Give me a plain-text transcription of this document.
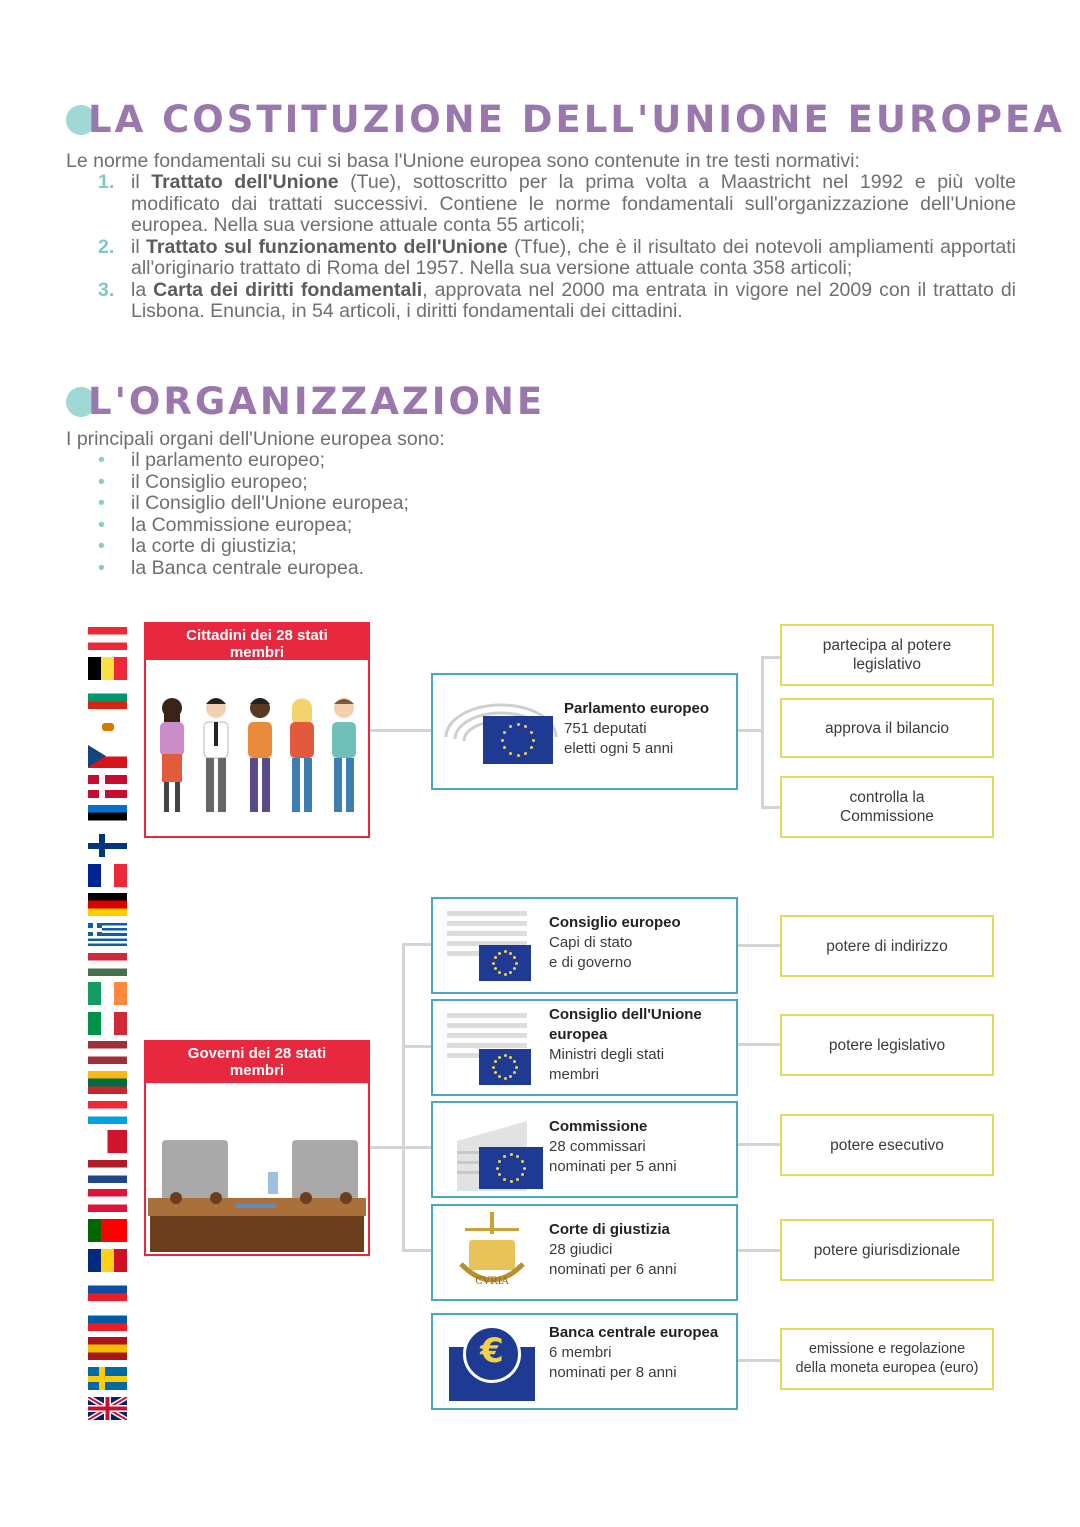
LA COSTITUZIONE DELL'UNIONE EUROPEA
Le norme fondamentali su cui si basa l'Unione europea sono contenute in tre testi normativi:
1. il Trattato dell'Unione (Tue), sottoscritto per la prima volta a Maastricht nel 1992 e più volte modificato dai trattati successivi. Contiene le norme fondamentali sull'organizzazione dell'Unione europea. Nella sua versione attuale conta 55 articoli;
2. il Trattato sul funzionamento dell'Unione (Tfue), che è il risultato dei notevoli ampliamenti apportati all'originario trattato di Roma del 1957. Nella sua versione attuale conta 358 articoli;
3. la Carta dei diritti fondamentali, approvata nel 2000 ma entrata in vigore nel 2009 con il trattato di Lisbona. Enuncia, in 54 articoli, i diritti fondamentali dei cittadini.
L'ORGANIZZAZIONE
I principali organi dell'Unione europea sono:
• il parlamento europeo;
• il Consiglio europeo;
• il Consiglio dell'Unione europea;
• la Commissione europea;
• la corte di giustizia;
• la Banca centrale europea.
Cittadini dei 28 stati membri
Governi dei 28 stati membri
Parlamento europeo
751 deputati
eletti ogni 5 anni
partecipa al potere legislativo
approva il bilancio
controlla la Commissione
Consiglio europeo
Capi di stato
e di governo
Consiglio dell'Unione europea
Ministri degli stati
membri
Commissione
28 commissari
nominati per 5 anni
CVRIA
Corte di giustizia
28 giudici
nominati per 6 anni
€	Banca centrale europea
6 membri
nominati per 8 anni
potere di indirizzo
potere legislativo
potere esecutivo
potere giurisdizionale
emissione e regolazione della moneta europea (euro)
